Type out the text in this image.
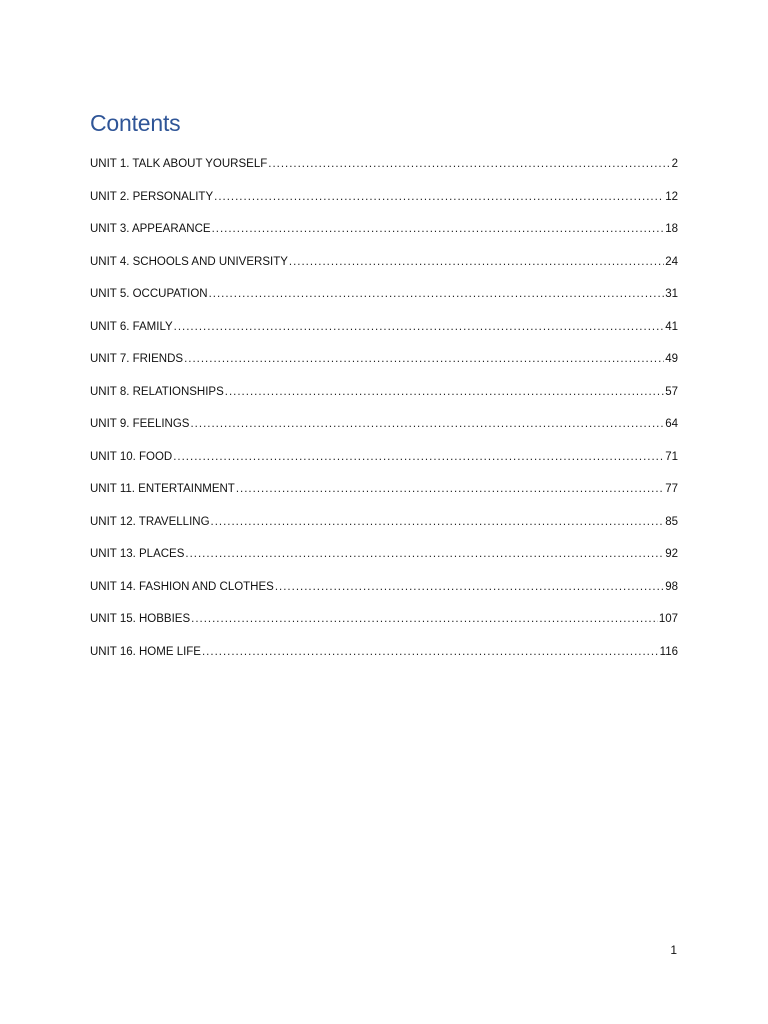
Contents
UNIT 1. TALK ABOUT YOURSELF .....	2
UNIT 2. PERSONALITY .....	12
UNIT 3. APPEARANCE .....	18
UNIT 4. SCHOOLS AND UNIVERSITY .....	24
UNIT 5. OCCUPATION .....	31
UNIT 6. FAMILY .....	41
UNIT 7. FRIENDS .....	49
UNIT 8. RELATIONSHIPS .....	57
UNIT 9. FEELINGS .....	64
UNIT 10. FOOD .....	71
UNIT 11. ENTERTAINMENT .....	77
UNIT 12. TRAVELLING .....	85
UNIT 13. PLACES .....	92
UNIT 14. FASHION AND CLOTHES .....	98
UNIT 15. HOBBIES .....	107
UNIT 16. HOME LIFE .....	116
1
